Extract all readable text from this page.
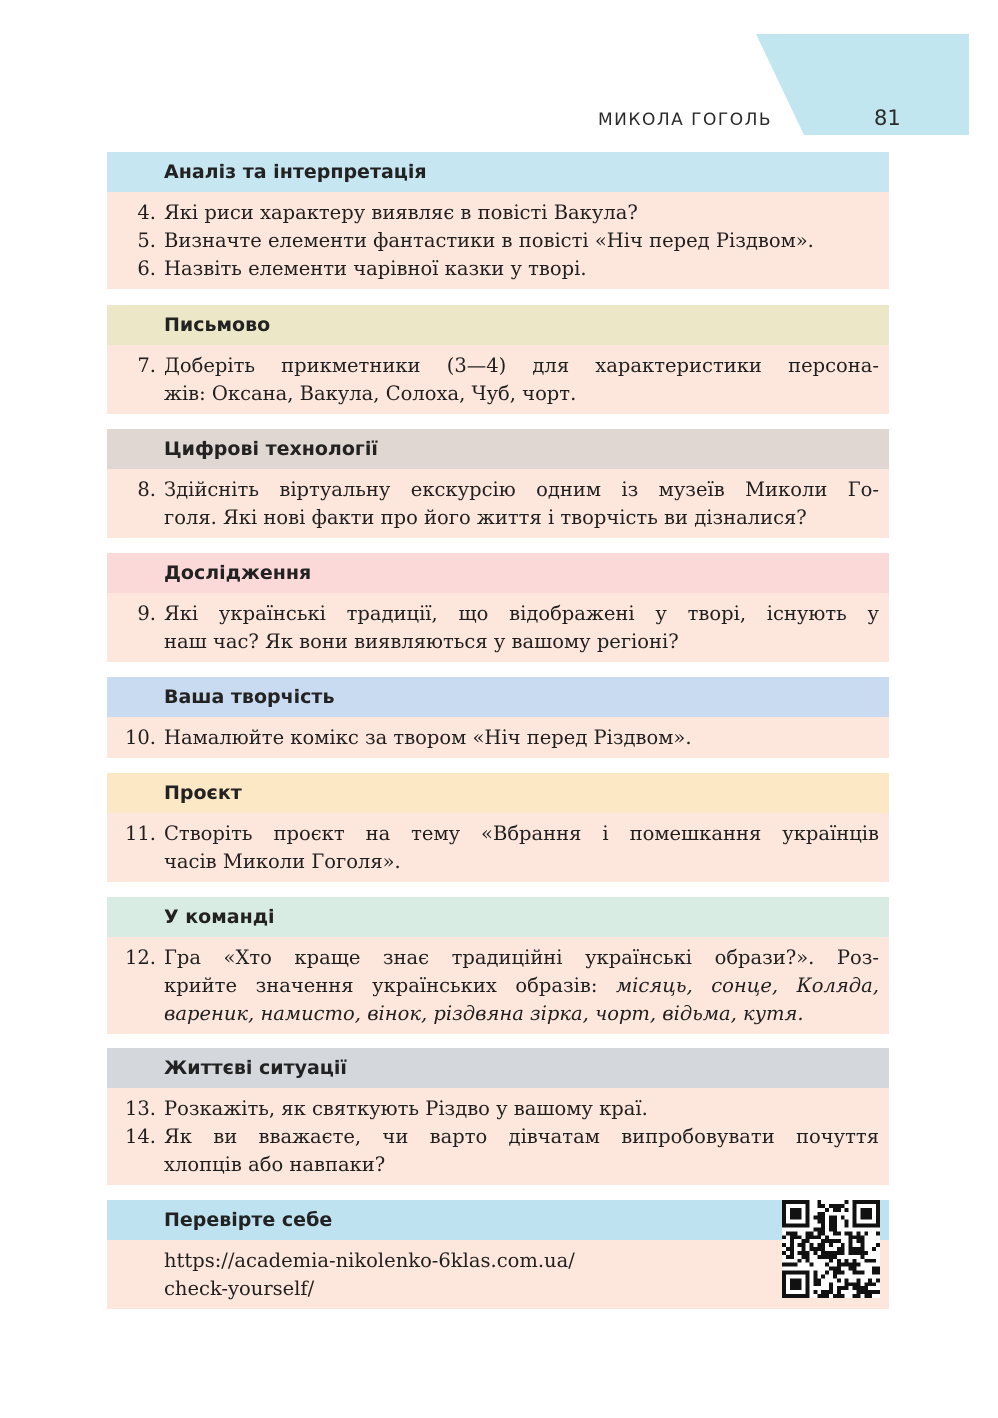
МИКОЛА ГОГОЛЬ	81
Аналіз та інтерпретація
4. Які риси характеру виявляє в повісті Вакула?
5. Визначте елементи фантастики в повісті «Ніч перед Різдвом».
6. Назвіть елементи чарівної казки у творі.
Письмово
7. Доберіть прикметники (3—4) для характеристики персона-
жів: Оксана, Вакула, Солоха, Чуб, чорт.
Цифрові технології
8. Здійсніть віртуальну екскурсію одним із музеїв Миколи Го-
голя. Які нові факти про його життя і творчість ви дізналися?
Дослідження
9. Які українські традиції, що відображені у творі, існують у
наш час? Як вони виявляються у вашому регіоні?
Ваша творчість
10. Намалюйте комікс за твором «Ніч перед Різдвом».
Проєкт
11. Створіть проєкт на тему «Вбрання і помешкання українців
часів Миколи Гоголя».
У команді
12. Гра «Хто краще знає традиційні українські образи?». Роз-
крийте значення українських образів: місяць, сонце, Коляда,
вареник, намисто, вінок, різдвяна зірка, чорт, відьма, кутя.
Життєві ситуації
13. Розкажіть, як святкують Різдво у вашому краї.
14. Як ви вважаєте, чи варто дівчатам випробовувати почуття
хлопців або навпаки?
Перевірте себе
https://academia-nikolenko-6klas.com.ua/
check-yourself/
